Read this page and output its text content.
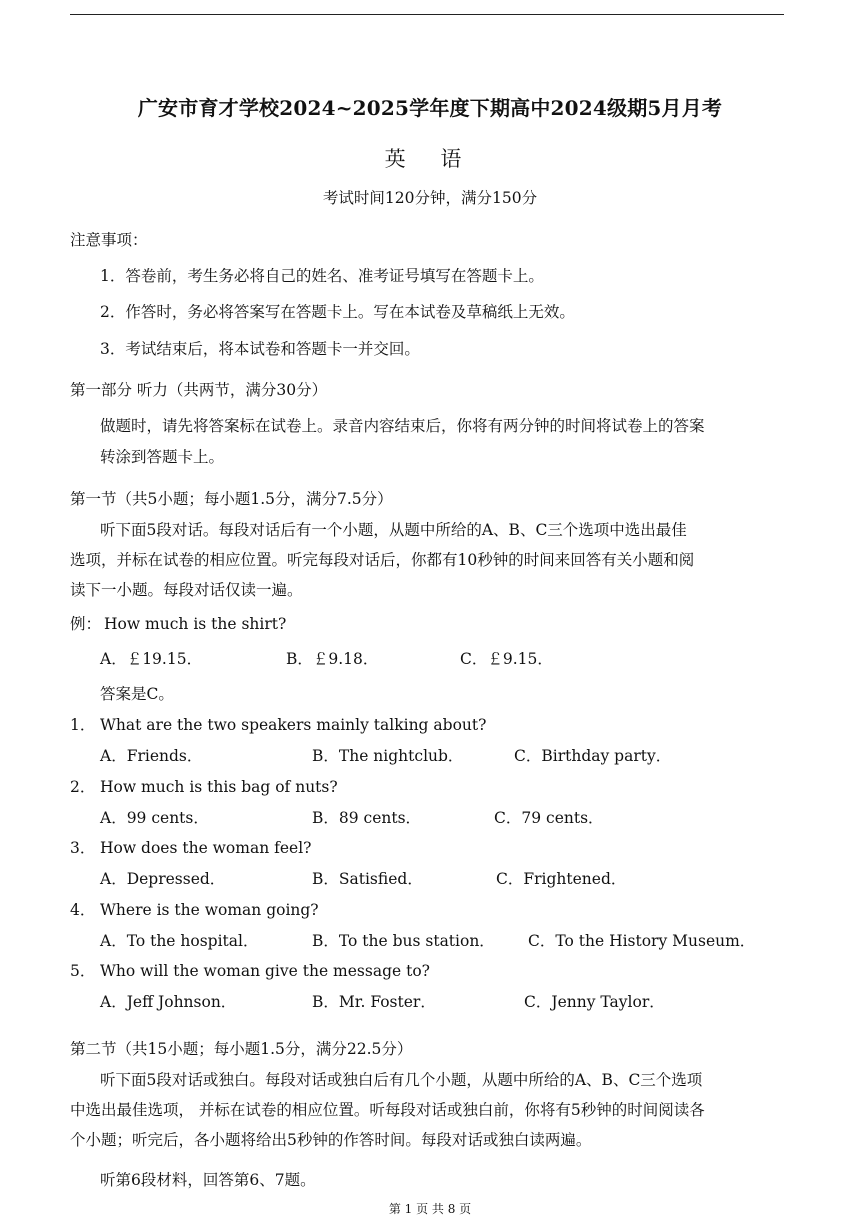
广安市育才学校2024~2025学年度下期高中2024级期5月月考
英 语
考试时间120分钟，满分150分
注意事项：
1．答卷前，考生务必将自己的姓名、准考证号填写在答题卡上。
2．作答时，务必将答案写在答题卡上。写在本试卷及草稿纸上无效。
3．考试结束后，将本试卷和答题卡一并交回。
第一部分 听力（共两节，满分30分）
做题时，请先将答案标在试卷上。录音内容结束后，你将有两分钟的时间将试卷上的答案
转涂到答题卡上。
第一节（共5小题；每小题1.5分，满分7.5分）
听下面5段对话。每段对话后有一个小题，从题中所给的A、B、C三个选项中选出最佳
选项，并标在试卷的相应位置。听完每段对话后，你都有10秒钟的时间来回答有关小题和阅
读下一小题。每段对话仅读一遍。
例： How much is the shirt?
A．￡19.15．	B．￡9.18．	C．￡9.15．
答案是C。
1． What are the two speakers mainly talking about?
A．Friends．	B．The nightclub．	C．Birthday party．
2． How much is this bag of nuts?
A．99 cents．	B．89 cents．	C．79 cents．
3． How does the woman feel?
A．Depressed．	B．Satisfied．	C．Frightened．
4． Where is the woman going?
A．To the hospital．	B．To the bus station． C．To the History Museum．
5． Who will the woman give the message to?
A．Jeff Johnson．	B．Mr. Foster．	C．Jenny Taylor．
第二节（共15小题；每小题1.5分，满分22.5分）
听下面5段对话或独白。每段对话或独白后有几个小题，从题中所给的A、B、C三个选项
中选出最佳选项， 并标在试卷的相应位置。听每段对话或独白前，你将有5秒钟的时间阅读各
个小题；听完后，各小题将给出5秒钟的作答时间。每段对话或独白读两遍。
听第6段材料，回答第6、7题。
第 1 页 共 8 页
